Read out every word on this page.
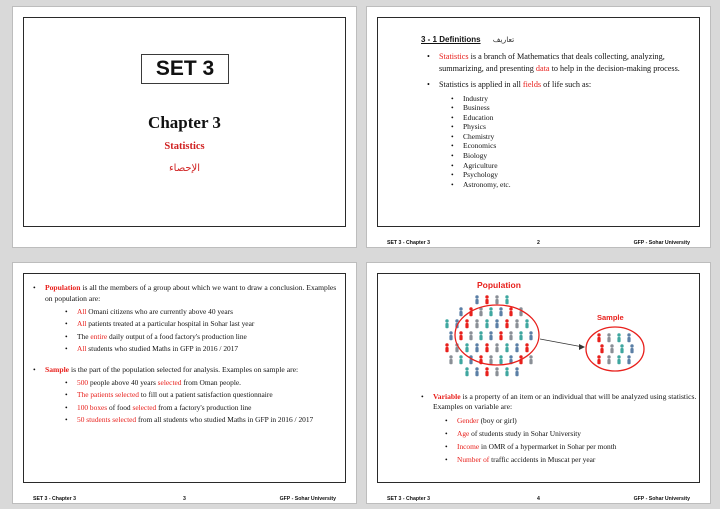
SET 3
Chapter 3
Statistics
الإحصاء
3 - 1 Definitions تعاريف
• Statistics is a branch of Mathematics that deals collecting, analyzing, summarizing, and presenting data to help in the decision-making process.
• Statistics is applied in all fields of life such as:
• Industry
• Business
• Education
• Physics
• Chemistry
• Economics
• Biology
• Agriculture
• Psychology
• Astronomy, etc.
SET 3 - Chapter 3	2	GFP - Sohar University
• Population is all the members of a group about which we want to draw a conclusion. Examples on population are:
• All Omani citizens who are currently above 40 years
• All patients treated at a particular hospital in Sohar last year
• The entire daily output of a food factory's production line
• All students who studied Maths in GFP in 2016 / 2017
• Sample is the part of the population selected for analysis. Examples on sample are:
• 500 people above 40 years selected from Oman people.
• The patients selected to fill out a patient satisfaction questionnaire
• 100 boxes of food selected from a factory's production line
• 50 students selected from all students who studied Maths in GFP in 2016 / 2017
SET 3 - Chapter 3	3	GFP - Sohar University
Population
Sample
• Variable is a property of an item or an individual that will be analyzed using statistics. Examples on variable are:
• Gender (boy or girl)
• Age of students study in Sohar University
• Income in OMR of a hypermarket in Sohar per month
• Number of traffic accidents in Muscat per year
SET 3 - Chapter 3	4	GFP - Sohar University
